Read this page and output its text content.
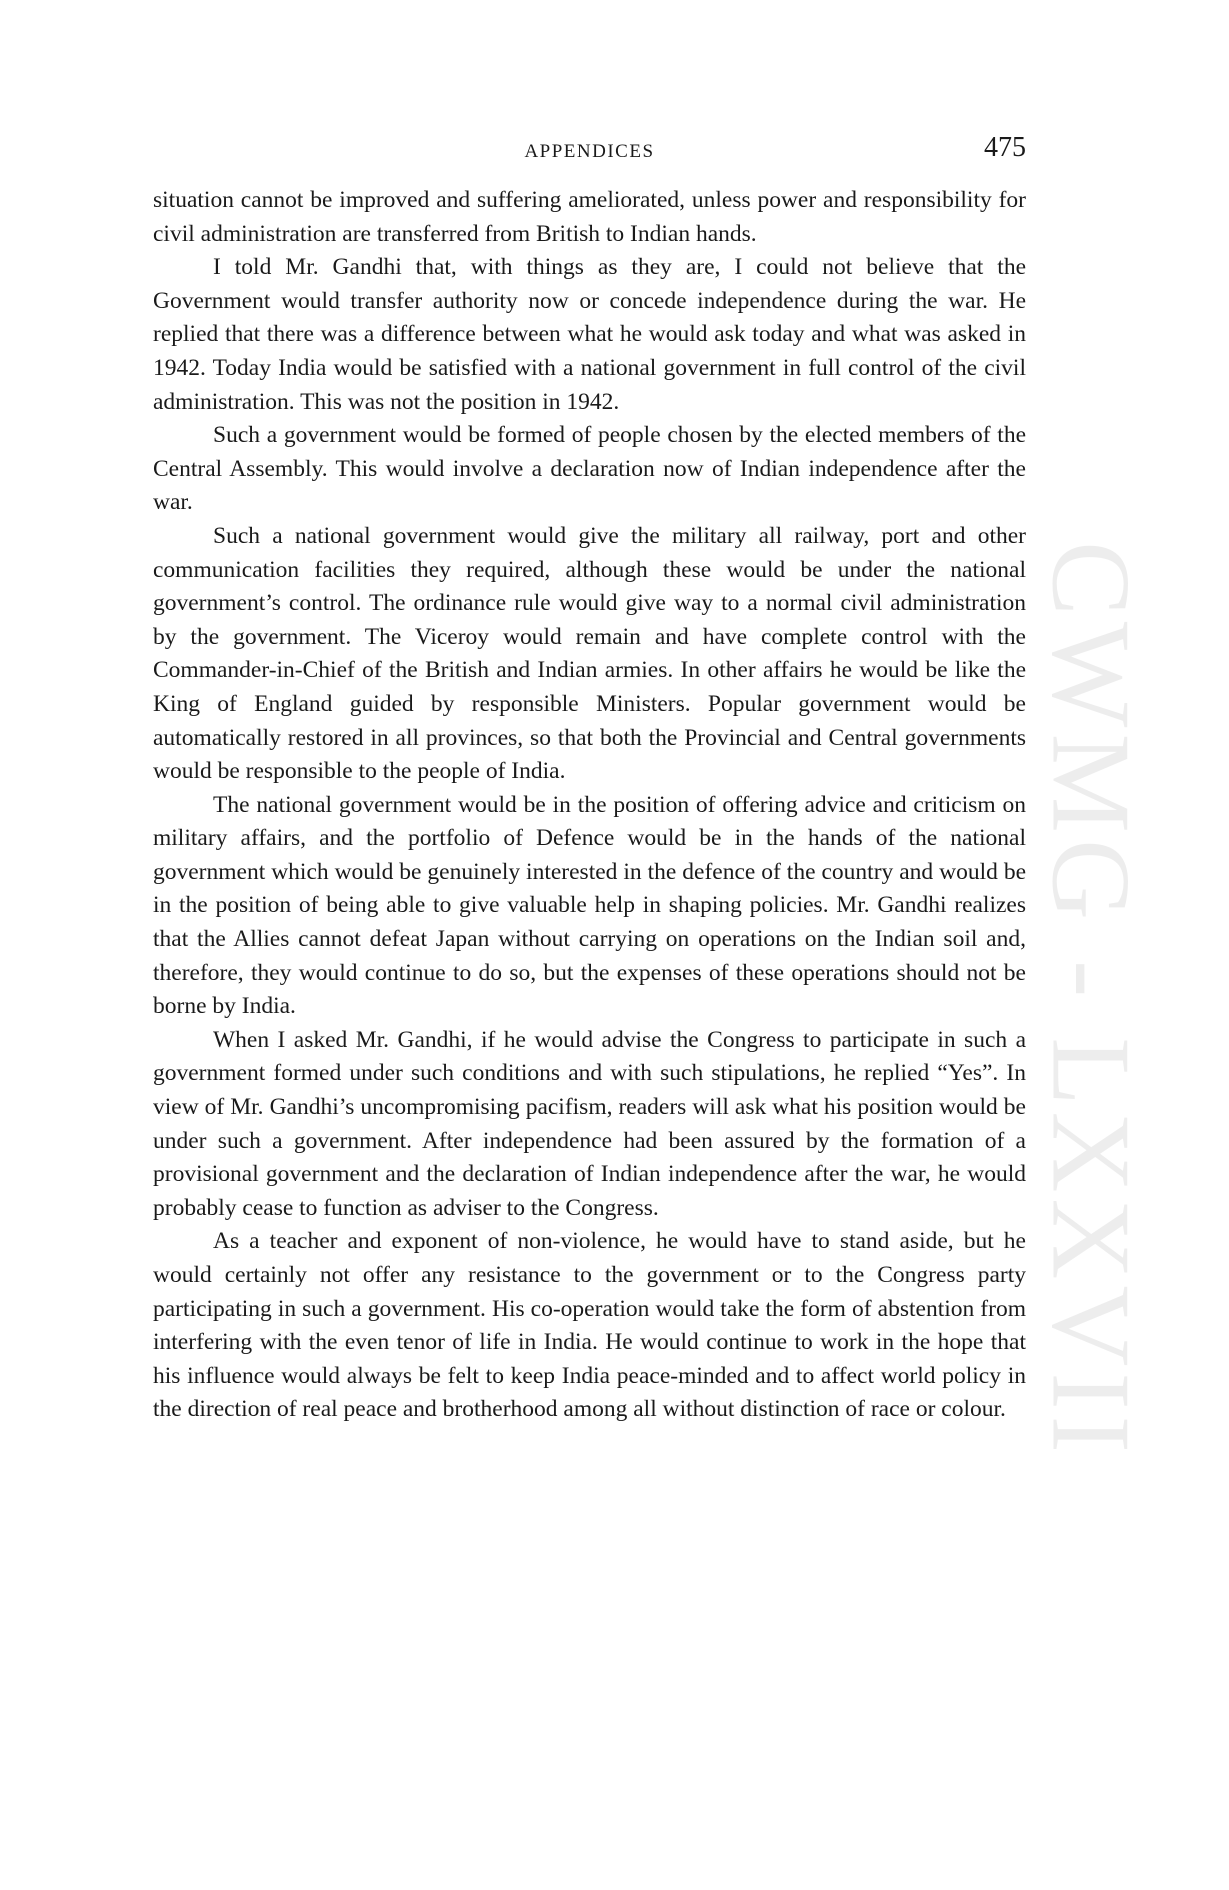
CWMG - LXXVII
APPENDICES	475

situation cannot be improved and suffering ameliorated, unless power and responsibility for civil administration are transferred from British to Indian hands.

I told Mr. Gandhi that, with things as they are, I could not believe that the Government would transfer authority now or concede independence during the war. He replied that there was a difference between what he would ask today and what was asked in 1942. Today India would be satisfied with a national government in full control of the civil administration. This was not the position in 1942.

Such a government would be formed of people chosen by the elected members of the Central Assembly. This would involve a declaration now of Indian independence after the war.

Such a national government would give the military all railway, port and other communication facilities they required, although these would be under the national government’s control. The ordinance rule would give way to a normal civil administration by the government. The Viceroy would remain and have complete control with the Commander-in-Chief of the British and Indian armies. In other affairs he would be like the King of England guided by responsible Ministers. Popular government would be automatically restored in all provinces, so that both the Provincial and Central governments would be responsible to the people of India.

The national government would be in the position of offering advice and criticism on military affairs, and the portfolio of Defence would be in the hands of the national government which would be genuinely interested in the defence of the country and would be in the position of being able to give valuable help in shaping policies. Mr. Gandhi realizes that the Allies cannot defeat Japan without carrying on operations on the Indian soil and, therefore, they would continue to do so, but the expenses of these operations should not be borne by India.

When I asked Mr. Gandhi, if he would advise the Congress to participate in such a government formed under such conditions and with such stipulations, he replied “Yes”. In view of Mr. Gandhi’s uncompromising pacifism, readers will ask what his position would be under such a government. After independence had been assured by the formation of a provisional government and the declaration of Indian independence after the war, he would probably cease to function as adviser to the Congress.

As a teacher and exponent of non-violence, he would have to stand aside, but he would certainly not offer any resistance to the government or to the Congress party participating in such a government. His co-operation would take the form of abstention from interfering with the even tenor of life in India. He would continue to work in the hope that his influence would always be felt to keep India peace-minded and to affect world policy in the direction of real peace and brotherhood among all without distinction of race or colour.
